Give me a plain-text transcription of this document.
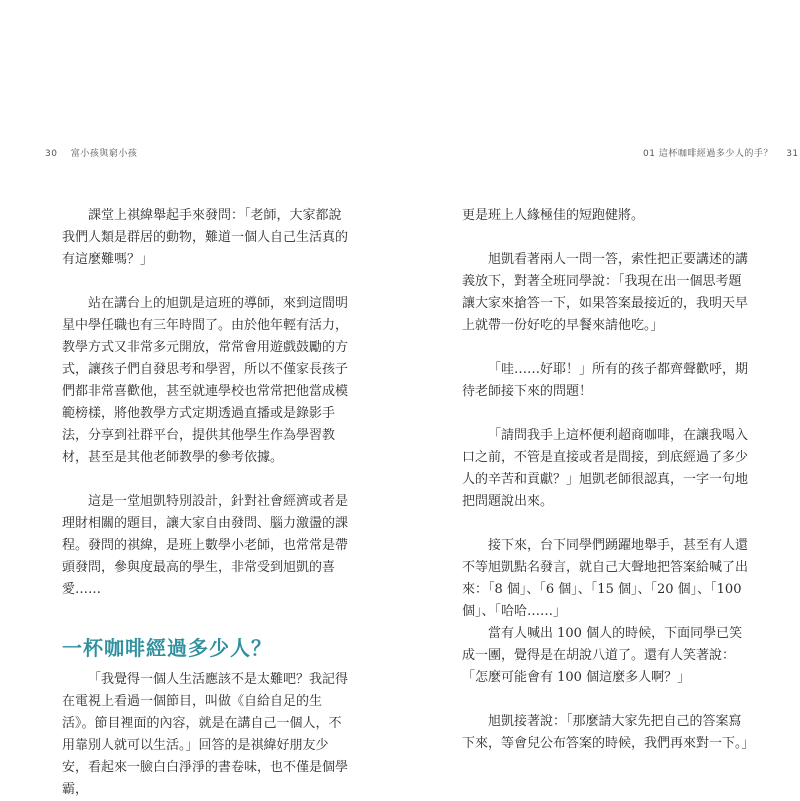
30 富小孩與窮小孩

課堂上祺緯舉起手來發問：「老師，大家都說我們人類是群居的動物，難道一個人自己生活真的有這麼難嗎？」

站在講台上的旭凱是這班的導師，來到這間明星中學任職也有三年時間了。由於他年輕有活力，教學方式又非常多元開放，常常會用遊戲鼓勵的方式，讓孩子們自發思考和學習，所以不僅家長孩子們都非常喜歡他，甚至就連學校也常常把他當成模範榜樣，將他教學方式定期透過直播或是錄影手法，分享到社群平台，提供其他學生作為學習教材，甚至是其他老師教學的參考依據。

這是一堂旭凱特別設計，針對社會經濟或者是理財相關的題目，讓大家自由發問、腦力激盪的課程。發問的祺緯，是班上數學小老師，也常常是帶頭發問，參與度最高的學生，非常受到旭凱的喜愛……

一杯咖啡經過多少人？

「我覺得一個人生活應該不是太難吧？我記得在電視上看過一個節目，叫做《自給自足的生活》。節目裡面的內容，就是在講自己一個人，不用靠別人就可以生活。」回答的是祺緯好朋友少安，看起來一臉白白淨淨的書卷味，也不僅是個學霸，

01 這杯咖啡經過多少人的手？ 31

更是班上人緣極佳的短跑健將。

旭凱看著兩人一問一答，索性把正要講述的講義放下，對著全班同學說：「我現在出一個思考題讓大家來搶答一下，如果答案最接近的，我明天早上就帶一份好吃的早餐來請他吃。」

「哇……好耶！」所有的孩子都齊聲歡呼，期待老師接下來的問題！

「請問我手上這杯便利超商咖啡，在讓我喝入口之前，不管是直接或者是間接，到底經過了多少人的辛苦和貢獻？」旭凱老師很認真，一字一句地把問題說出來。

接下來，台下同學們踴躍地舉手，甚至有人還不等旭凱點名發言，就自己大聲地把答案給喊了出來：「8 個」、「6 個」、「15 個」、「20 個」、「100 個」、「哈哈……」

當有人喊出 100 個人的時候，下面同學已笑成一團，覺得是在胡說八道了。還有人笑著說：「怎麼可能會有 100 個這麼多人啊？」

旭凱接著說：「那麼請大家先把自己的答案寫下來，等會兒公布答案的時候，我們再來對一下。」
